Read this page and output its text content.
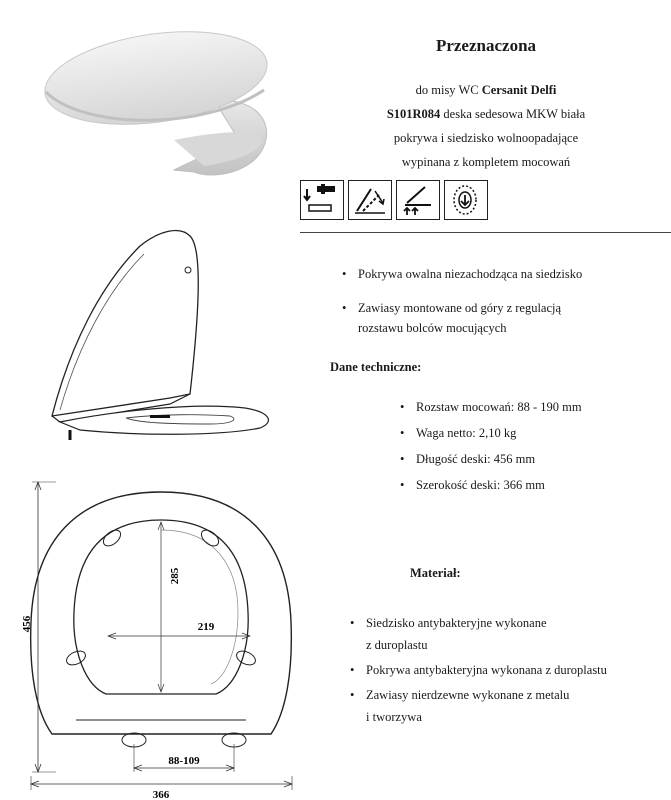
Przeznaczona
do misy WC Cersanit Delfi
S101R084 deska sedesowa MKW biała
pokrywa i siedzisko wolnoopadające
wypinana z kompletem mocowań
456
366
285
219
88-109
• Pokrywa owalna niezachodząca na siedzisko
• Zawiasy montowane od góry z regulacją
rozstawu bolców mocujących
Dane techniczne:
• Rozstaw mocowań: 88 - 190 mm
• Waga netto: 2,10 kg
• Długość deski: 456 mm
• Szerokość deski: 366 mm
Materiał:
• Siedzisko antybakteryjne wykonane
z duroplastu
• Pokrywa antybakteryjna wykonana z duroplastu
• Zawiasy nierdzewne wykonane z metalu
i tworzywa
